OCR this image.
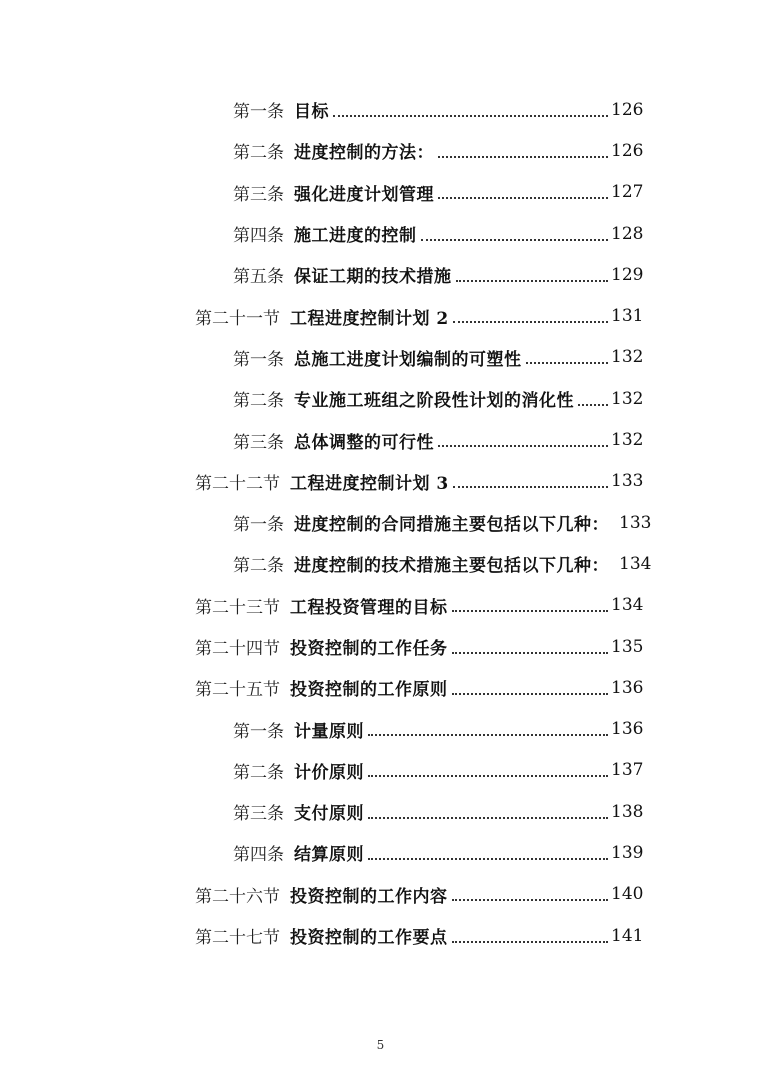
第一条 目标	126
第二条 进度控制的方法：	126
第三条 强化进度计划管理	127
第四条 施工进度的控制	128
第五条 保证工期的技术措施	129
第二十一节 工程进度控制计划 2	131
第一条 总施工进度计划编制的可塑性	132
第二条 专业施工班组之阶段性计划的消化性 132
第三条 总体调整的可行性	132
第二十二节 工程进度控制计划 3	133
第一条 进度控制的合同措施主要包括以下几种： 133
第二条 进度控制的技术措施主要包括以下几种： 134
第二十三节 工程投资管理的目标	134
第二十四节 投资控制的工作任务	135
第二十五节 投资控制的工作原则	136
第一条 计量原则	136
第二条 计价原则	137
第三条 支付原则	138
第四条 结算原则	139
第二十六节 投资控制的工作内容	140
第二十七节 投资控制的工作要点	141
5
